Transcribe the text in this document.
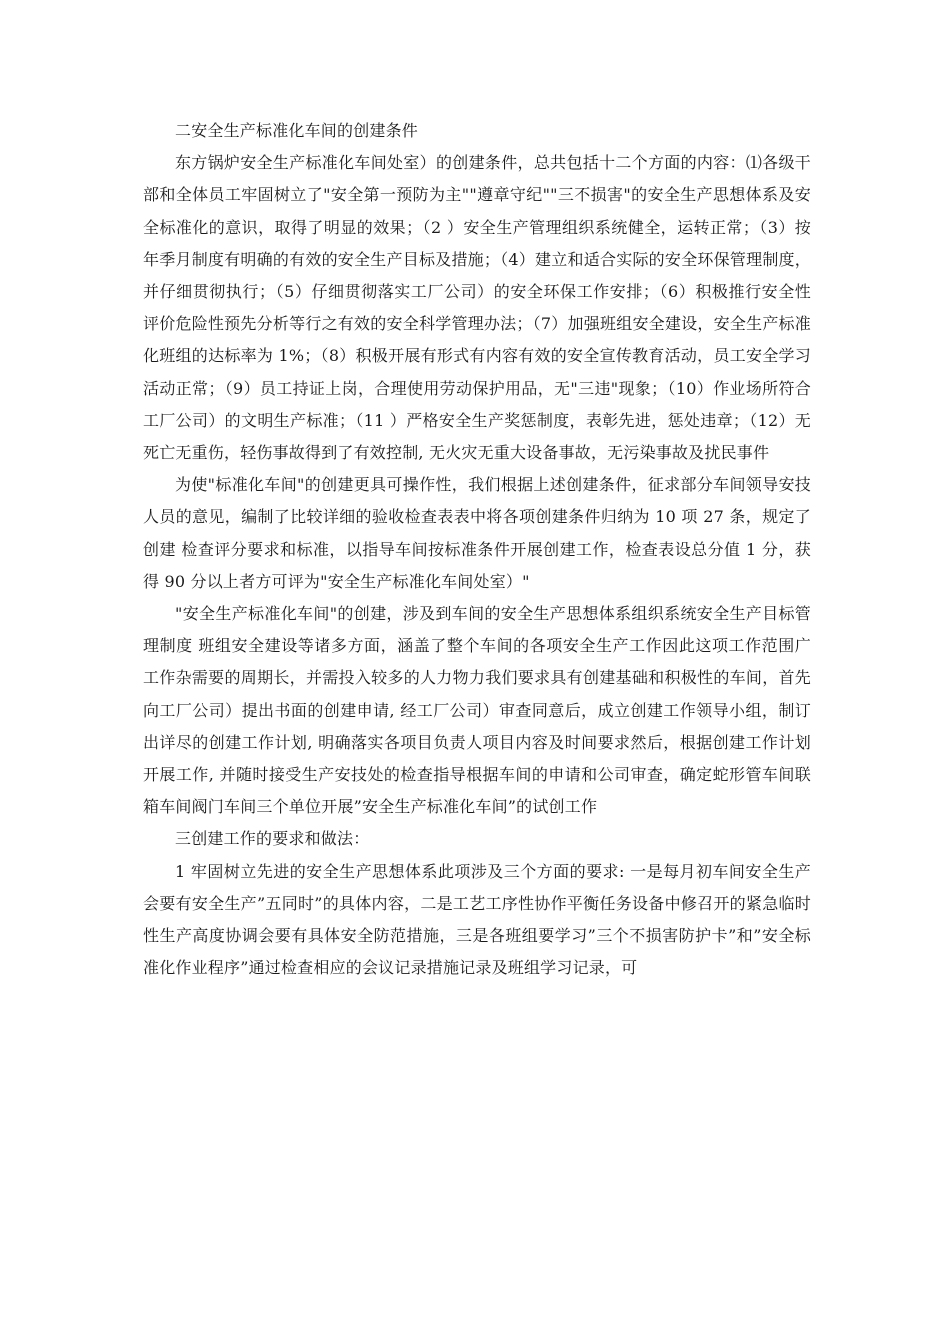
二安全生产标准化车间的创建条件

东方锅炉安全生产标准化车间处室）的创建条件，总共包括十二个方面的内容：⑴各级干部和全体员工牢固树立了"安全第一预防为主""遵章守纪""三不损害"的安全生产思想体系及安全标准化的意识，取得了明显的效果；（2 ）安全生产管理组织系统健全，运转正常；（3）按年季月制度有明确的有效的安全生产目标及措施；（4）建立和适合实际的安全环保管理制度，并仔细贯彻执行；（5）仔细贯彻落实工厂公司）的安全环保工作安排；（6）积极推行安全性评价危险性预先分析等行之有效的安全科学管理办法；（7）加强班组安全建设，安全生产标准化班组的达标率为 1%；（8）积极开展有形式有内容有效的安全宣传教育活动，员工安全学习活动正常；（9）员工持证上岗，合理使用劳动保护用品，无"三违"现象；（10）作业场所符合工厂公司）的文明生产标准；（11 ）严格安全生产奖惩制度，表彰先进，惩处违章；（12）无死亡无重伤，轻伤事故得到了有效控制, 无火灾无重大设备事故，无污染事故及扰民事件

为使"标准化车间"的创建更具可操作性，我们根据上述创建条件，征求部分车间领导安技人员的意见，编制了比较详细的验收检查表表中将各项创建条件归纳为 10 项 27 条，规定了创建 检查评分要求和标准，以指导车间按标准条件开展创建工作，检查表设总分值 1 分，获得 90 分以上者方可评为"安全生产标准化车间处室）"

"安全生产标准化车间"的创建，涉及到车间的安全生产思想体系组织系统安全生产目标管理制度 班组安全建设等诸多方面，涵盖了整个车间的各项安全生产工作因此这项工作范围广工作杂需要的周期长，并需投入较多的人力物力我们要求具有创建基础和积极性的车间，首先向工厂公司）提出书面的创建申请, 经工厂公司）审查同意后，成立创建工作领导小组，制订出详尽的创建工作计划, 明确落实各项目负责人项目内容及时间要求然后，根据创建工作计划开展工作, 并随时接受生产安技处的检查指导根据车间的申请和公司审查，确定蛇形管车间联箱车间阀门车间三个单位开展”安全生产标准化车间”的试创工作

三创建工作的要求和做法：

1 牢固树立先进的安全生产思想体系此项涉及三个方面的要求: 一是每月初车间安全生产会要有安全生产”五同时”的具体内容，二是工艺工序性协作平衡任务设备中修召开的紧急临时性生产高度协调会要有具体安全防范措施，三是各班组要学习”三个不损害防护卡”和”安全标准化作业程序”通过检查相应的会议记录措施记录及班组学习记录，可
